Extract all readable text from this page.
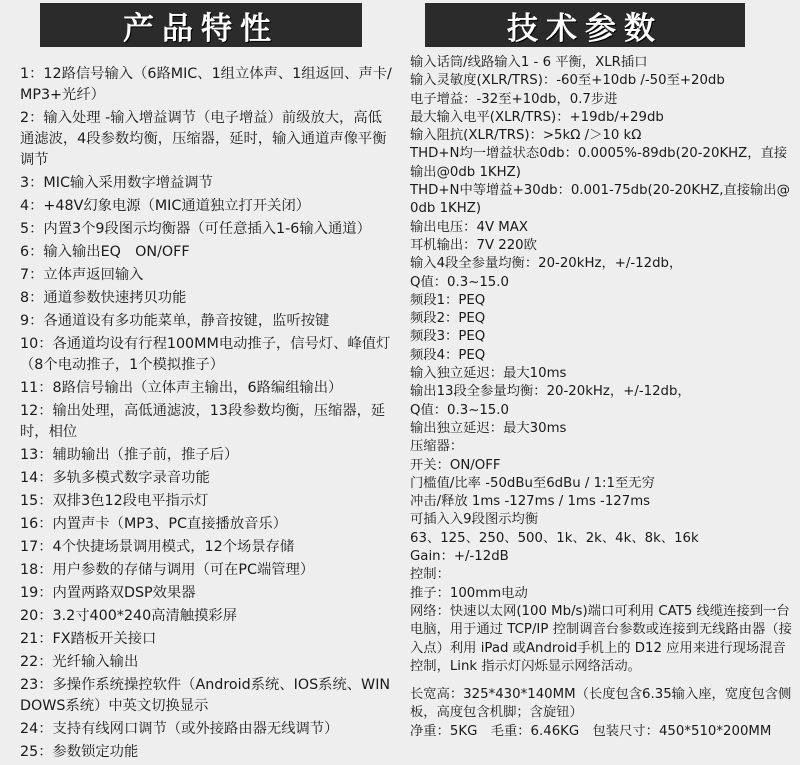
产品特性
1：12路信号输入（6路MIC、1组立体声、1组返回、声卡/MP3+光纤）
2：输入处理 -输入增益调节（电子增益）前级放大，高低通滤波，4段参数均衡，压缩器，延时，输入通道声像平衡调节
3：MIC输入采用数字增益调节
4：+48V幻象电源（MIC通道独立打开关闭）
5：内置3个9段图示均衡器（可任意插入1-6输入通道）
6：输入输出EQ　ON/OFF
7：立体声返回输入
8：通道参数快速拷贝功能
9：各通道设有多功能菜单，静音按键，监听按键
10：各通道均设有行程100MM电动推子，信号灯、峰值灯（8个电动推子，1个模拟推子）
11：8路信号输出（立体声主输出，6路编组输出）
12：输出处理，高低通滤波，13段参数均衡，压缩器，延时，相位
13：辅助输出（推子前，推子后）
14：多轨多模式数字录音功能
15：双排3色12段电平指示灯
16：内置声卡（MP3、PC直接播放音乐）
17：4个快捷场景调用模式，12个场景存储
18：用户参数的存储与调用（可在PC端管理）
19：内置两路双DSP效果器
20：3.2寸400*240高清触摸彩屏
21：FX踏板开关接口
22：光纤输入输出
23：多操作系统操控软件（Android系统、IOS系统、WINDOWS系统）中英文切换显示
24：支持有线网口调节（或外接路由器无线调节）
25：参数锁定功能
技术参数
输入话筒/线路输入1 - 6 平衡，XLR插口
输入灵敏度(XLR/TRS)：-60至+10db /-50至+20db
电子增益：-32至+10db，0.7步进
最大输入电平(XLR/TRS)：+19db/+29db
输入阻抗(XLR/TRS)：>5kΩ /＞10 kΩ
THD+N均一增益状态0db：0.0005%-89db(20-20KHZ，直接输出@0db 1KHZ)
THD+N中等增益+30db：0.001-75db(20-20KHZ,直接输出@0db 1KHZ)
输出电压：4V MAX
耳机输出：7V 220欧
输入4段全参量均衡：20-20kHz，+/-12db，
Q值：0.3~15.0
频段1：PEQ
频段2：PEQ
频段3：PEQ
频段4：PEQ
输入独立延迟：最大10ms
输出13段全参量均衡：20-20kHz，+/-12db，
Q值：0.3~15.0
输出独立延迟：最大30ms
压缩器：
开关：ON/OFF
门槛值/比率 -50dBu至6dBu / 1:1至无穷
冲击/释放 1ms -127ms / 1ms -127ms
可插入入9段图示均衡
63、125、250、500、1k、2k、4k、8k、16k
Gain：+/-12dB
控制：
推子：100mm电动
网络：快速以太网(100 Mb/s)端口可利用 CAT5 线缆连接到一台电脑，用于通过 TCP/IP 控制调音台参数或连接到无线路由器（接入点）利用 iPad 或Android手机上的 D12 应用来进行现场混音控制，Link 指示灯闪烁显示网络活动。
长宽高：325*430*140MM（长度包含6.35输入座，宽度包含侧板，高度包含机脚；含旋钮）
净重：5KG　毛重：6.46KG　包装尺寸：450*510*200MM
